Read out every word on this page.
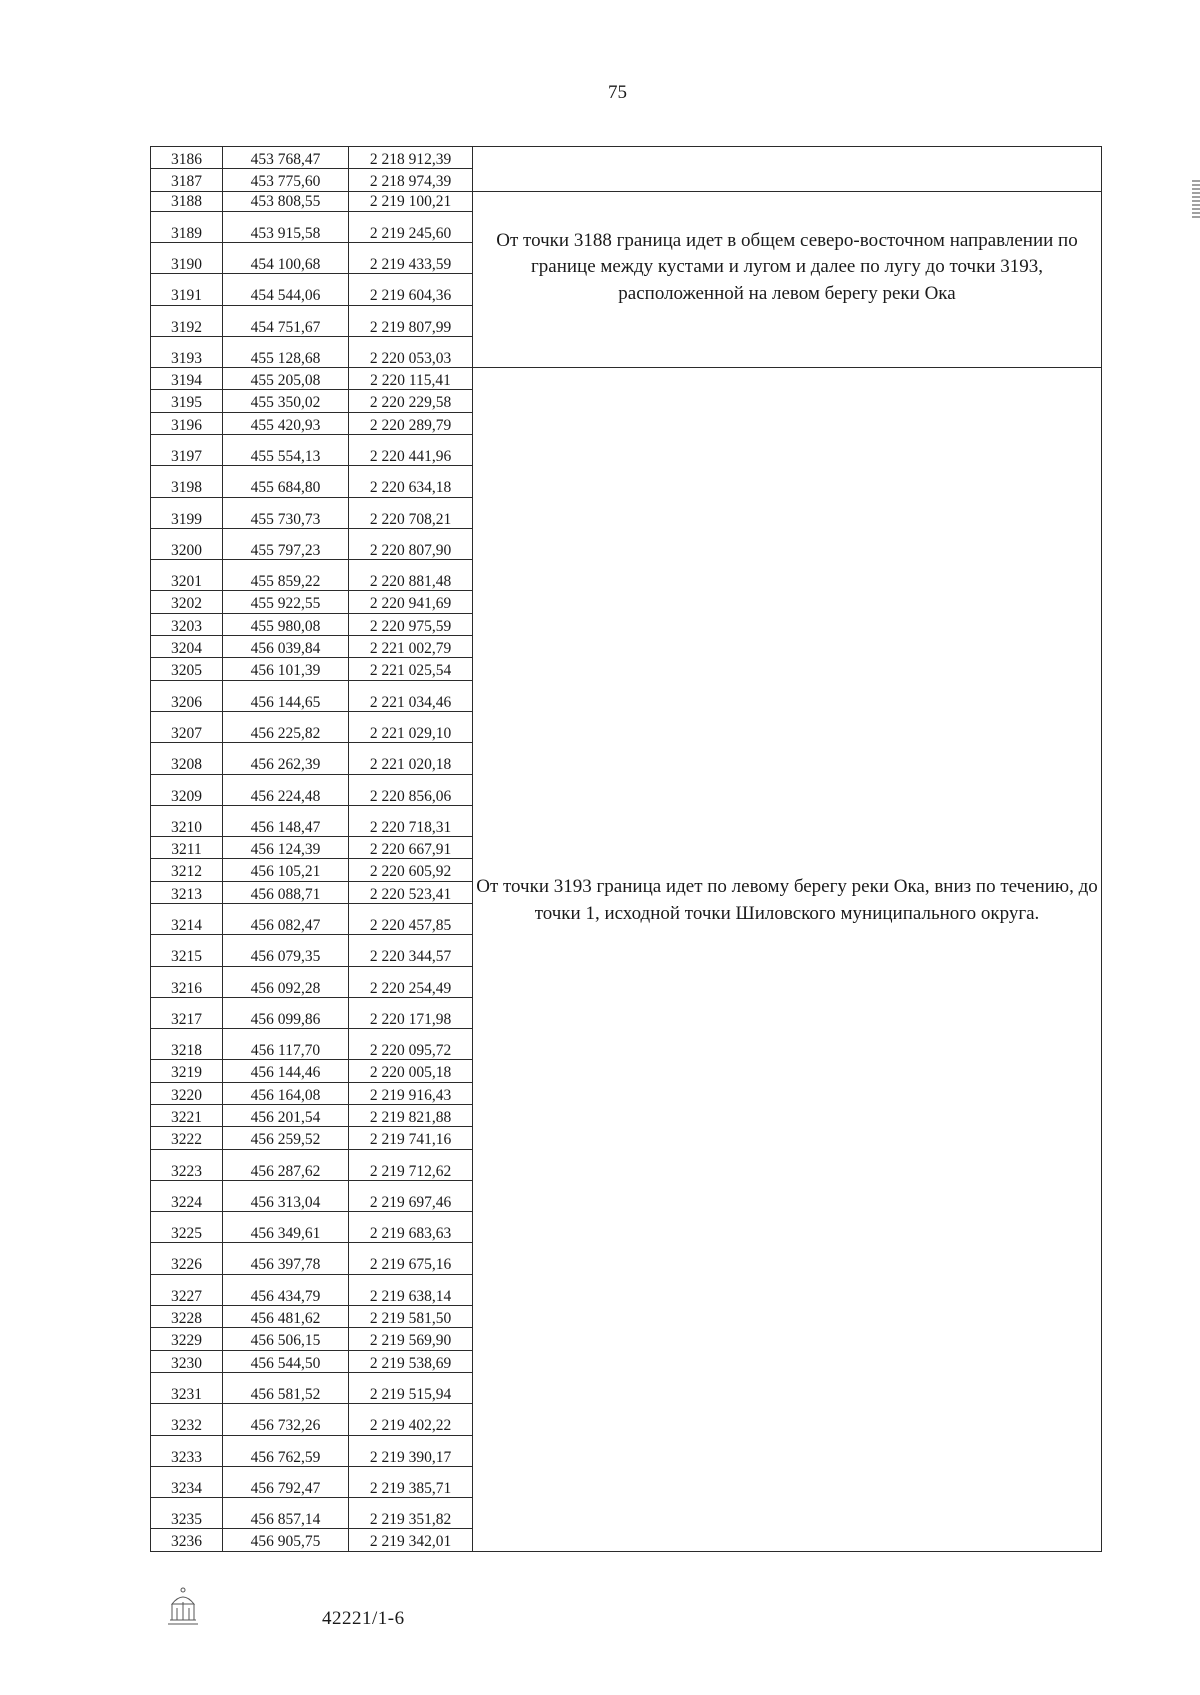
75
3186	453 768,47	2 218 912,39	

3187	453 775,60	2 218 974,39	
3188	453 808,55	2 219 100,21	От точки 3188 граница идет в общем северо-восточном направлении по границе между кустами и лугом и далее по лугу до точки 3193, расположенной на левом берегу реки Ока

3189	453 915,58	2 219 245,60	
3190	454 100,68	2 219 433,59	
3191	454 544,06	2 219 604,36	
3192	454 751,67	2 219 807,99	
3193	455 128,68	2 220 053,03	
3194	455 205,08	2 220 115,41	От точки 3193 граница идет по левому берегу реки Ока, вниз по течению, до точки 1, исходной точки Шиловского муниципального округа.

3195	455 350,02	2 220 229,58	
3196	455 420,93	2 220 289,79	
3197	455 554,13	2 220 441,96	
3198	455 684,80	2 220 634,18	
3199	455 730,73	2 220 708,21	
3200	455 797,23	2 220 807,90	
3201	455 859,22	2 220 881,48	
3202	455 922,55	2 220 941,69	
3203	455 980,08	2 220 975,59	
3204	456 039,84	2 221 002,79	
3205	456 101,39	2 221 025,54	
3206	456 144,65	2 221 034,46	
3207	456 225,82	2 221 029,10	
3208	456 262,39	2 221 020,18	
3209	456 224,48	2 220 856,06	
3210	456 148,47	2 220 718,31	
3211	456 124,39	2 220 667,91	
3212	456 105,21	2 220 605,92	
3213	456 088,71	2 220 523,41	
3214	456 082,47	2 220 457,85	
3215	456 079,35	2 220 344,57	
3216	456 092,28	2 220 254,49	
3217	456 099,86	2 220 171,98	
3218	456 117,70	2 220 095,72	
3219	456 144,46	2 220 005,18	
3220	456 164,08	2 219 916,43	
3221	456 201,54	2 219 821,88	
3222	456 259,52	2 219 741,16	
3223	456 287,62	2 219 712,62	
3224	456 313,04	2 219 697,46	
3225	456 349,61	2 219 683,63	
3226	456 397,78	2 219 675,16	
3227	456 434,79	2 219 638,14	
3228	456 481,62	2 219 581,50	
3229	456 506,15	2 219 569,90	
3230	456 544,50	2 219 538,69	
3231	456 581,52	2 219 515,94	
3232	456 732,26	2 219 402,22	
3233	456 762,59	2 219 390,17	
3234	456 792,47	2 219 385,71	
3235	456 857,14	2 219 351,82	
3236	456 905,75	2 219 342,01	
42221/1-6
